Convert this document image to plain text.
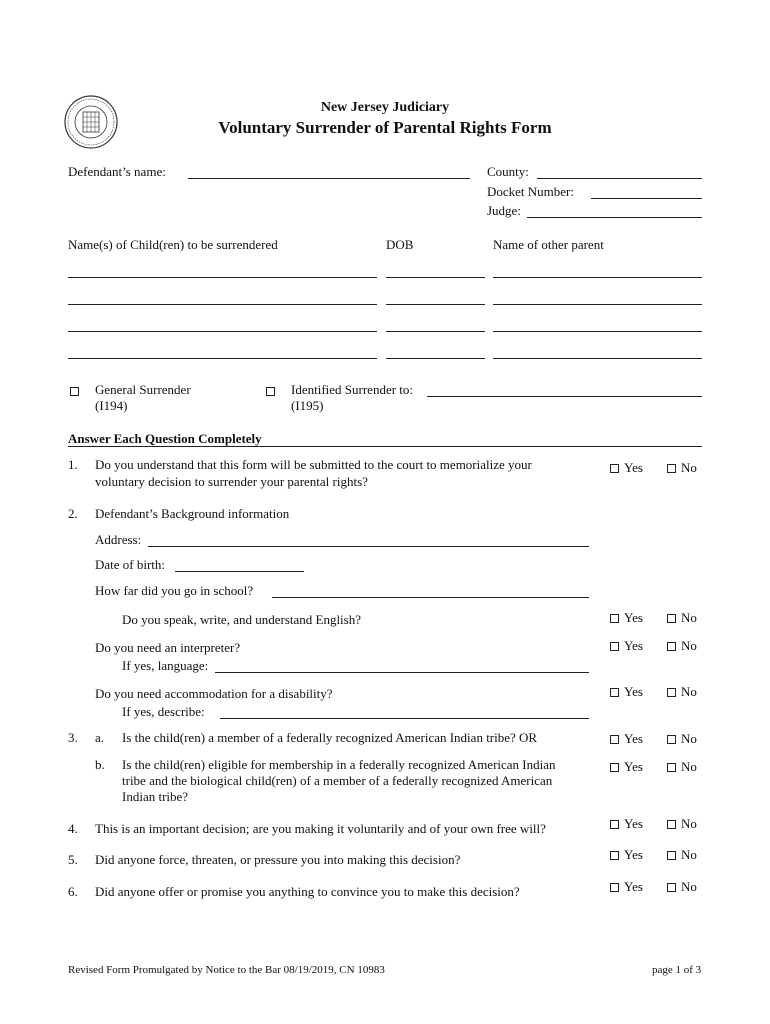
New Jersey Judiciary
Voluntary Surrender of Parental Rights Form
Defendant’s name:	County:
Docket Number:
Judge:
Name(s) of Child(ren) to be surrendered	DOB	Name of other parent
General Surrender
(I194)
Identified Surrender to:
(I195)
Answer Each Question Completely
1. Do you understand that this form will be submitted to the court to memorialize your
voluntary decision to surrender your parental rights?
Yes	No
2. Defendant’s Background information
Address:
Date of birth:
How far did you go in school?
Do you speak, write, and understand English?	Yes	No
Do you need an interpreter?
If yes, language:
Yes	No
Do you need accommodation for a disability?
If yes, describe:
Yes	No
3. a. Is the child(ren) a member of a federally recognized American Indian tribe? OR	Yes	No
b. Is the child(ren) eligible for membership in a federally recognized American Indian
tribe and the biological child(ren) of a member of a federally recognized American
Indian tribe?
Yes	No
4. This is an important decision; are you making it voluntarily and of your own free will?	Yes	No
5. Did anyone force, threaten, or pressure you into making this decision?	Yes	No
6. Did anyone offer or promise you anything to convince you to make this decision?	Yes	No
Revised Form Promulgated by Notice to the Bar 08/19/2019, CN 10983	page 1 of 3
